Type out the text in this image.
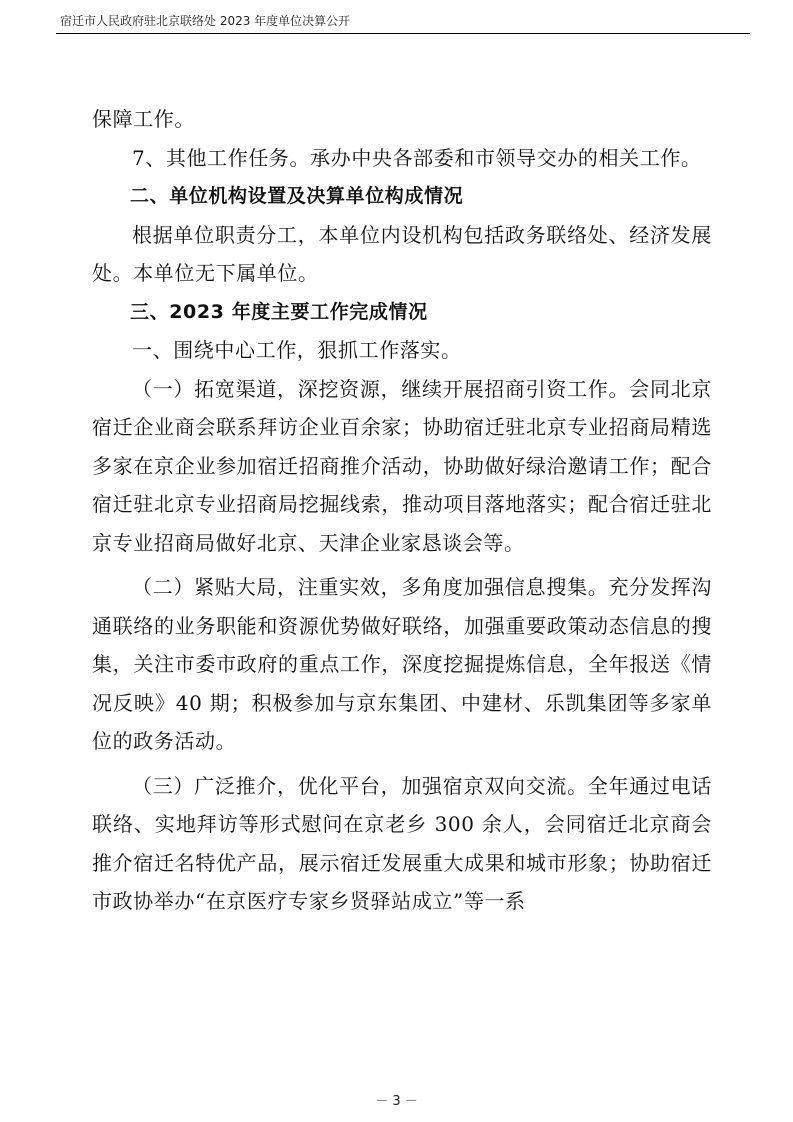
宿迁市人民政府驻北京联络处 2023 年度单位决算公开

保障工作。

7、其他工作任务。承办中央各部委和市领导交办的相关工作。

二、单位机构设置及决算单位构成情况

根据单位职责分工，本单位内设机构包括政务联络处、经济发展处。本单位无下属单位。

三、2023 年度主要工作完成情况

一、围绕中心工作，狠抓工作落实。

（一）拓宽渠道，深挖资源，继续开展招商引资工作。会同北京宿迁企业商会联系拜访企业百余家；协助宿迁驻北京专业招商局精选多家在京企业参加宿迁招商推介活动，协助做好绿洽邀请工作；配合宿迁驻北京专业招商局挖掘线索，推动项目落地落实；配合宿迁驻北京专业招商局做好北京、天津企业家恳谈会等。

（二）紧贴大局，注重实效，多角度加强信息搜集。充分发挥沟通联络的业务职能和资源优势做好联络，加强重要政策动态信息的搜集，关注市委市政府的重点工作，深度挖掘提炼信息，全年报送《情况反映》40 期；积极参加与京东集团、中建材、乐凯集团等多家单位的政务活动。

（三）广泛推介，优化平台，加强宿京双向交流。全年通过电话联络、实地拜访等形式慰问在京老乡 300 余人，会同宿迁北京商会推介宿迁名特优产品，展示宿迁发展重大成果和城市形象；协助宿迁市政协举办“在京医疗专家乡贤驿站成立”等一系

－ 3 －
